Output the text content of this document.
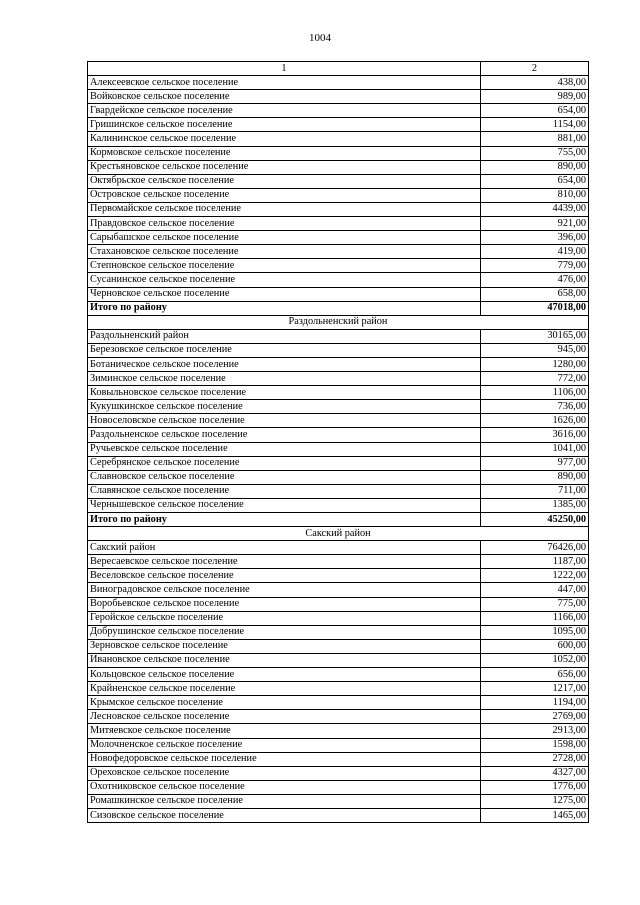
1004
1	2
Алексеевское сельское поселение	438,00
Войковское сельское поселение	989,00
Гвардейское сельское поселение	654,00
Гришинское сельское поселение	1154,00
Калининское сельское поселение	881,00
Кормовское сельское поселение	755,00
Крестьяновское сельское поселение	890,00
Октябрьское сельское поселение	654,00
Островское сельское поселение	810,00
Первомайское сельское поселение	4439,00
Правдовское сельское поселение	921,00
Сарыбашское сельское поселение	396,00
Стахановское сельское поселение	419,00
Степновское сельское поселение	779,00
Сусанинское сельское поселение	476,00
Черновское сельское поселение	658,00
Итого по району	47018,00
Раздольненский район	
Раздольненский район	30165,00
Березовское сельское поселение	945,00
Ботаническое сельское поселение	1280,00
Зиминское сельское поселение	772,00
Ковыльновское сельское поселение	1106,00
Кукушкинское сельское поселение	736,00
Новоселовское сельское поселение	1626,00
Раздольненское сельское поселение	3616,00
Ручьевское сельское поселение	1041,00
Серебрянское сельское поселение	977,00
Славновское сельское поселение	890,00
Славянское сельское поселение	711,00
Чернышевское сельское поселение	1385,00
Итого по району	45250,00
Сакский район	
Сакский район	76426,00
Вересаевское сельское поселение	1187,00
Веселовское сельское поселение	1222,00
Виноградовское сельское поселение	447,00
Воробьевское сельское поселение	775,00
Геройское сельское поселение	1166,00
Добрушинское сельское поселение	1095,00
Зерновское сельское поселение	600,00
Ивановское сельское поселение	1052,00
Кольцовское сельское поселение	656,00
Крайненское сельское поселение	1217,00
Крымское сельское поселение	1194,00
Лесновское сельское поселение	2769,00
Митяевское сельское поселение	2913,00
Молочненское сельское поселение	1598,00
Новофедоровское сельское поселение	2728,00
Ореховское сельское поселение	4327,00
Охотниковское сельское поселение	1776,00
Ромашкинское сельское поселение	1275,00
Сизовское сельское поселение	1465,00
